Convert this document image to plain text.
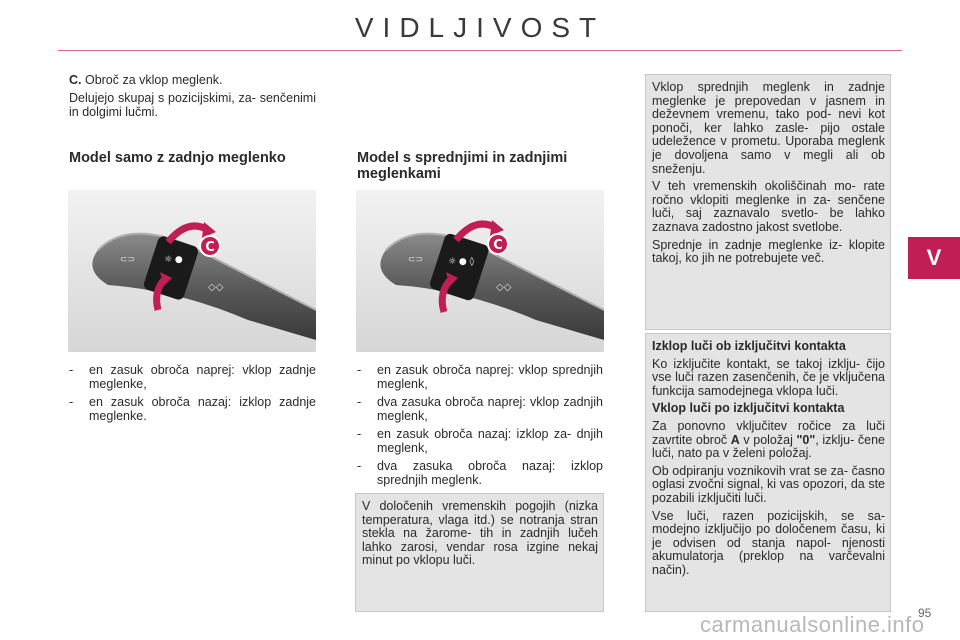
VIDLJIVOST
V

C. Obroč za vklop meglenk.

Delujejo skupaj s pozicijskimi, za- senčenimi in dolgimi lučmi.

Model samo z zadnjo meglenko
⊂⊃
◇◇
☼ ●
C
- en zasuk obroča naprej: vklop zadnje meglenke,
- en zasuk obroča nazaj: izklop zadnje meglenke.
Model s sprednjimi in zadnjimi meglenkami
⊂⊃
◇◇
☼ ● ◊
C
- en zasuk obroča naprej: vklop sprednjih meglenk,
- dva zasuka obroča naprej: vklop zadnjih meglenk,
- en zasuk obroča nazaj: izklop za- dnjih meglenk,
- dva zasuka obroča nazaj: izklop sprednjih meglenk.
V določenih vremenskih pogojih (nizka temperatura, vlaga itd.) se notranja stran stekla na žarome- tih in zadnjih lučeh lahko zarosi, vendar rosa izgine nekaj minut po vklopu luči.

Vklop sprednjih meglenk in zadnje meglenke je prepovedan v jasnem in deževnem vremenu, tako pod- nevi kot ponoči, ker lahko zasle- pijo ostale udeležence v prometu. Uporaba meglenk je dovoljena samo v megli ali ob sneženju.

V teh vremenskih okoliščinah mo- rate ročno vklopiti meglenke in za- senčene luči, saj zaznavalo svetlo- be lahko zaznava zadostno jakost svetlobe.

Sprednje in zadnje meglenke iz- klopite takoj, ko jih ne potrebujete več.

Izklop luči ob izključitvi kontakta

Ko izključite kontakt, se takoj izklju- čijo vse luči razen zasenčenih, če je vključena funkcija samodejnega vklopa luči.

Vklop luči po izključitvi kontakta

Za ponovno vključitev ročice za luči zavrtite obroč A v položaj "0", izklju- čene luči, nato pa v želeni položaj.

Ob odpiranju voznikovih vrat se za- časno oglasi zvočni signal, ki vas opozori, da ste pozabili izključiti luči.

Vse luči, razen pozicijskih, se sa- modejno izključijo po določenem času, ki je odvisen od stanja napol- njenosti akumulatorja (preklop na varčevalni način).

95
carmanualsonline.info
